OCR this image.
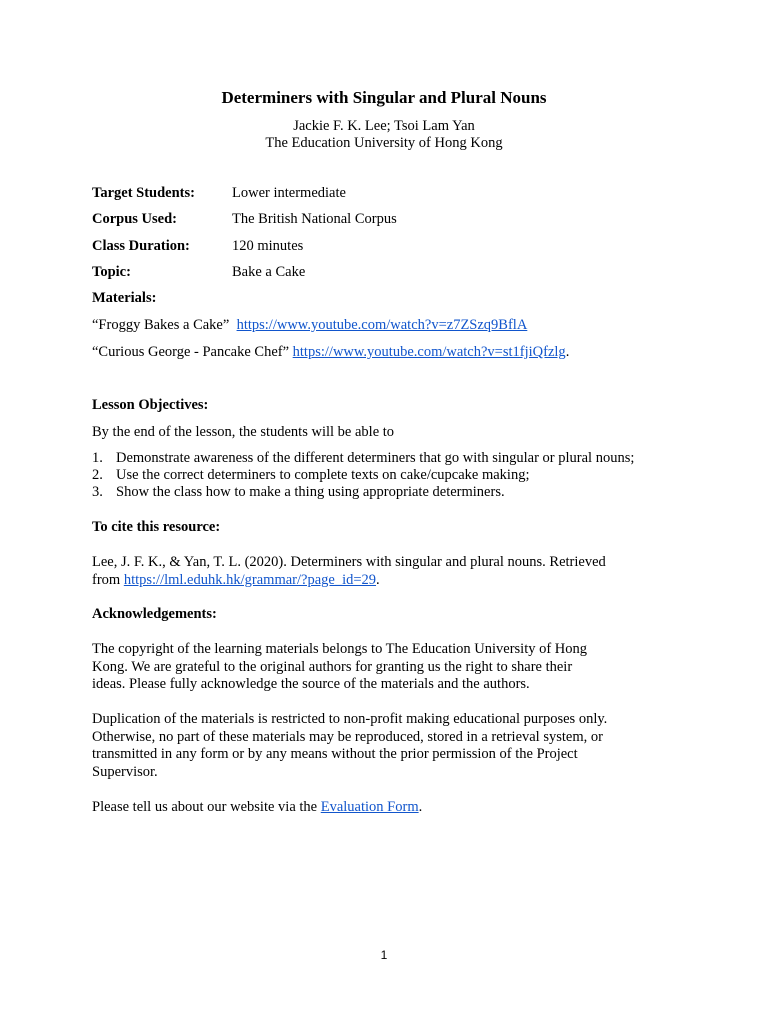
Determiners with Singular and Plural Nouns
Jackie F. K. Lee; Tsoi Lam Yan
The Education University of Hong Kong
Target Students:	Lower intermediate
Corpus Used:	The British National Corpus
Class Duration:	120 minutes
Topic:	Bake a Cake
Materials:
“Froggy Bakes a Cake” https://www.youtube.com/watch?v=z7ZSzq9BflA
“Curious George - Pancake Chef” https://www.youtube.com/watch?v=st1fjiQfzlg.
Lesson Objectives:
By the end of the lesson, the students will be able to
1. Demonstrate awareness of the different determiners that go with singular or plural nouns;
2. Use the correct determiners to complete texts on cake/cupcake making;
3. Show the class how to make a thing using appropriate determiners.
To cite this resource:
Lee, J. F. K., & Yan, T. L. (2020). Determiners with singular and plural nouns. Retrieved
from https://lml.eduhk.hk/grammar/?page_id=29.
Acknowledgements:
The copyright of the learning materials belongs to The Education University of Hong
Kong. We are grateful to the original authors for granting us the right to share their
ideas. Please fully acknowledge the source of the materials and the authors.
Duplication of the materials is restricted to non-profit making educational purposes only.
Otherwise, no part of these materials may be reproduced, stored in a retrieval system, or
transmitted in any form or by any means without the prior permission of the Project
Supervisor.
Please tell us about our website via the Evaluation Form.
1
